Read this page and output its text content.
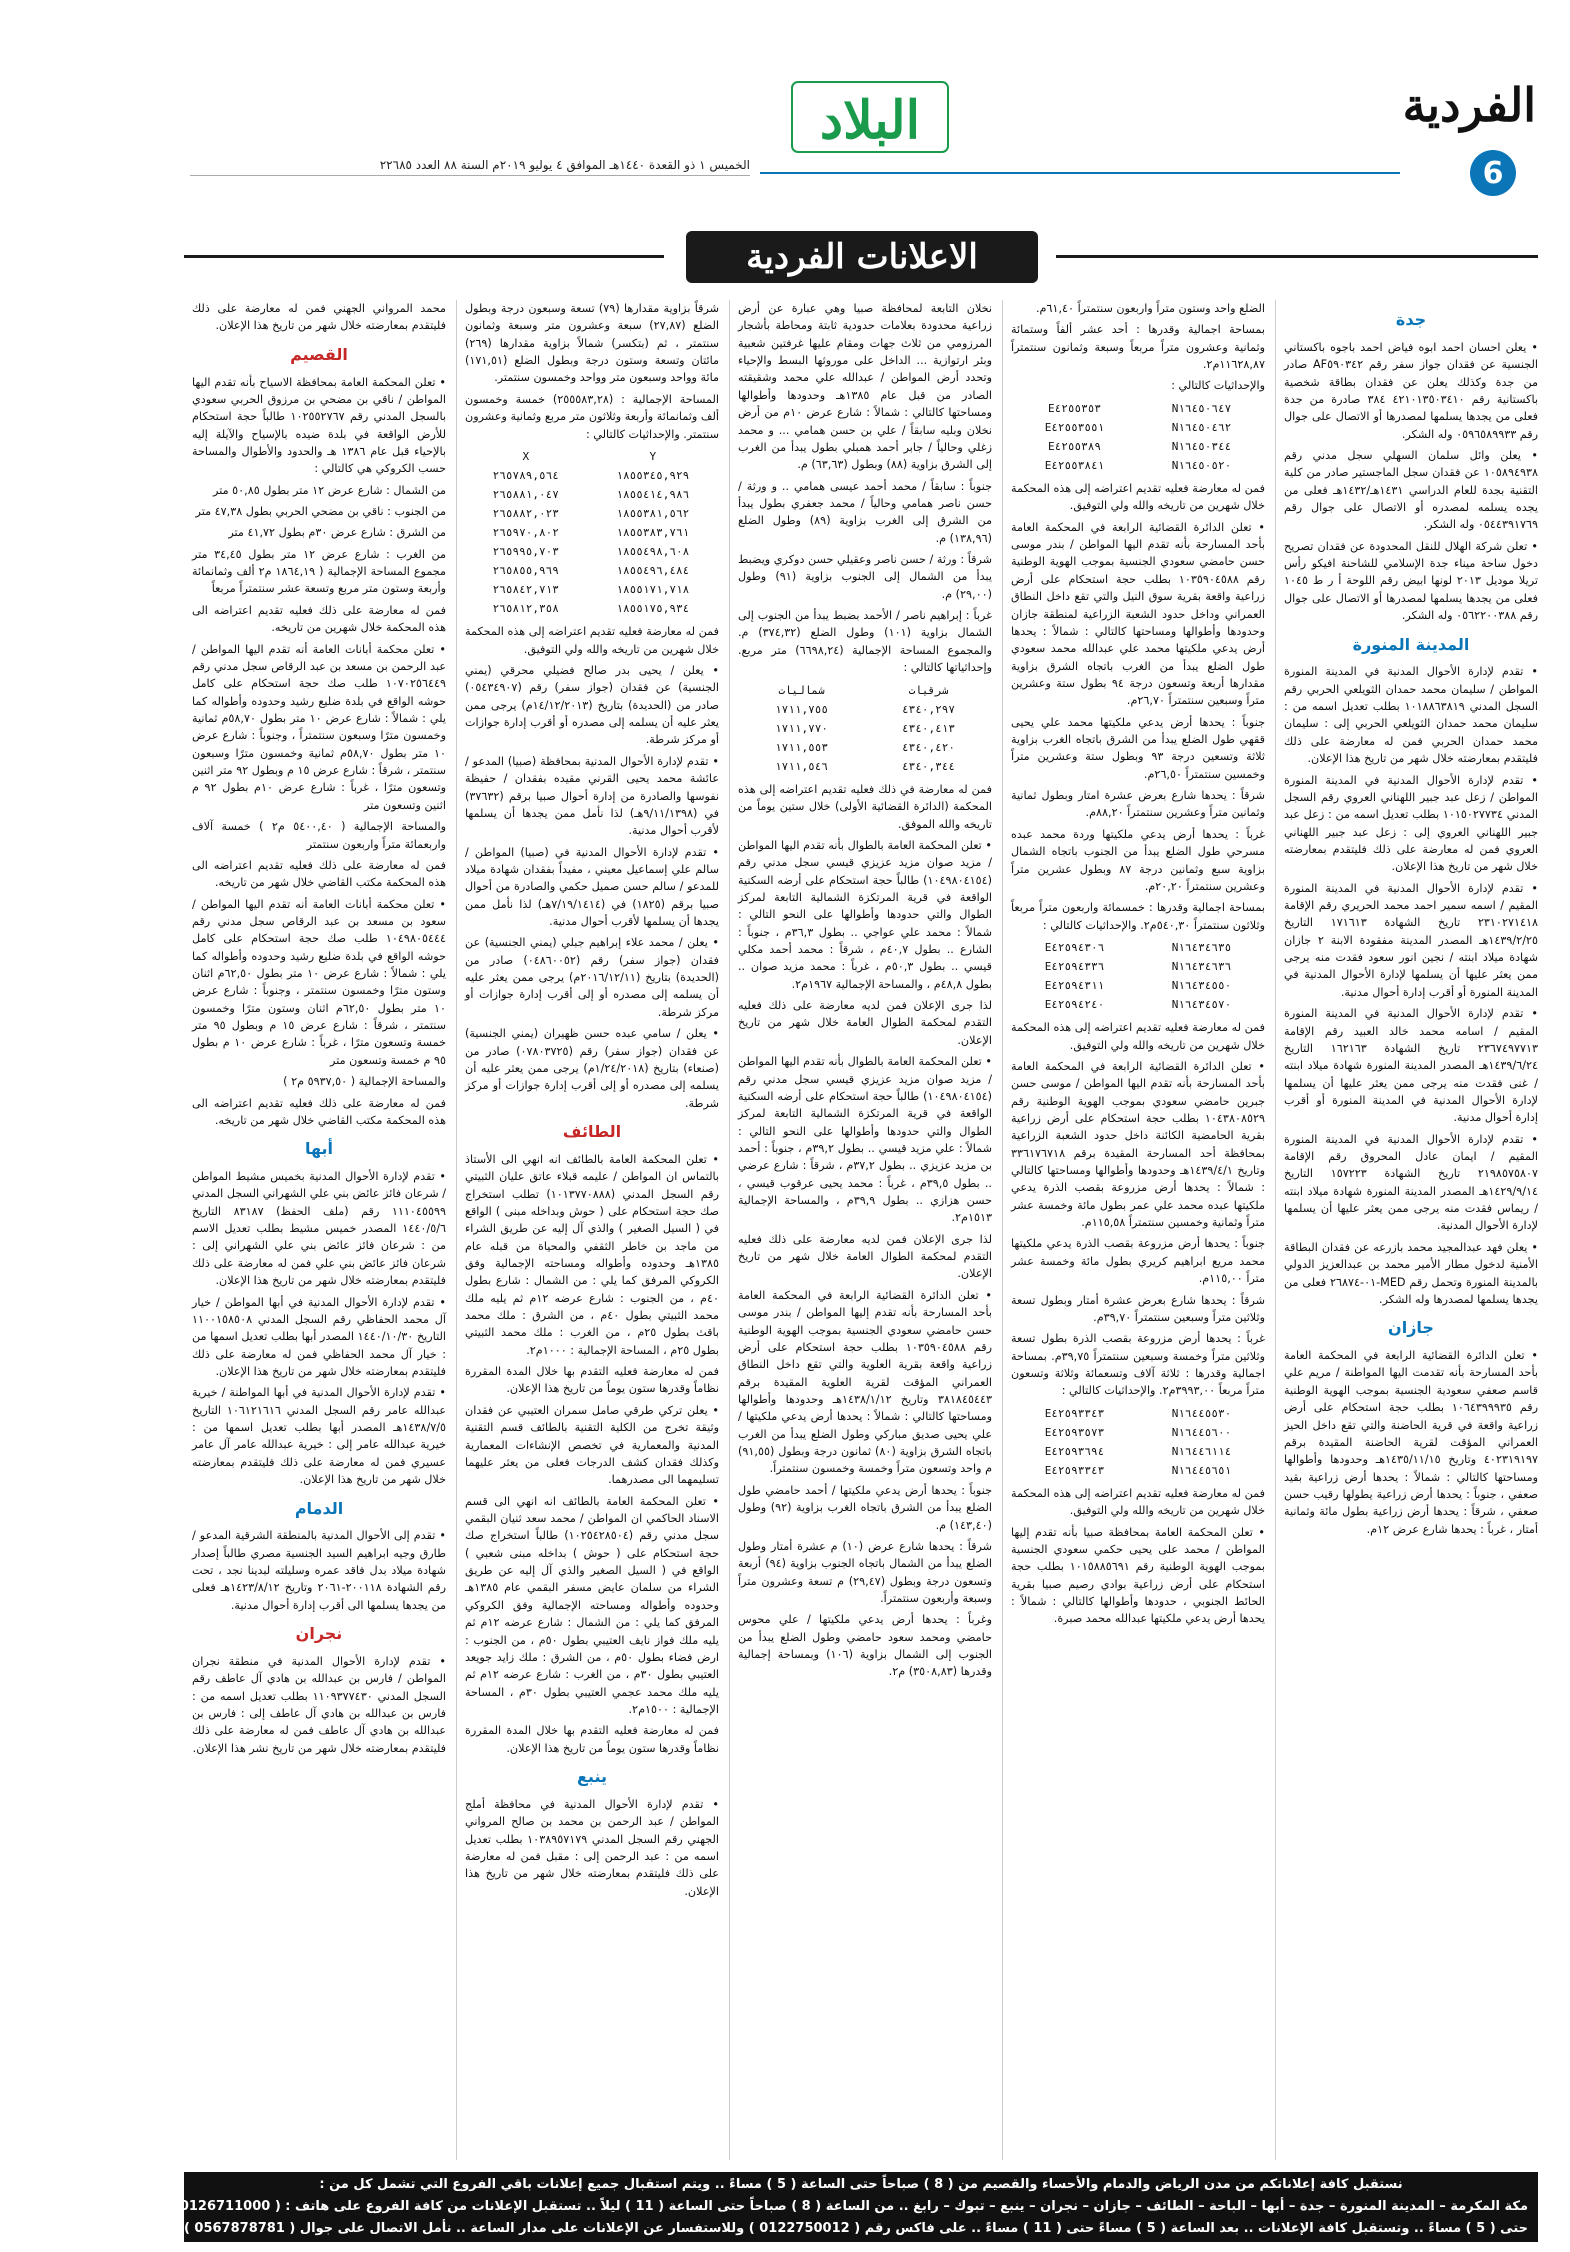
الفردية
6
البلاد
الخميس ١ ذو القعدة ١٤٤٠هـ الموافق ٤ يوليو ٢٠١٩م السنة ٨٨ العدد ٢٢٦٨٥
الاعلانات الفردية
جدة

• يعلن احسان احمد ابوه فياض احمد باجوه باكستاني الجنسية عن فقدان جواز سفر رقم AF٥٩٠٣٤٢ صادر من جدة وكذلك يعلن عن فقدان بطاقة شخصية باكستانية رقم ٤٢١٠١٣٥٠٣٤١٠ ٣٨٤ صادرة من جدة فعلى من يجدها يسلمها لمصدرها أو الاتصال على جوال رقم ٠٥٩٦٥٨٩٩٣٣ وله الشكر.

• يعلن وائل سلمان السهلي سجل مدني رقم ١٠٥٨٩٤٩٣٨ عن فقدان سجل الماجستير صادر من كلية التقنية بجدة للعام الدراسي ١٤٣١هـ/١٤٣٢هـ فعلى من يجده يسلمه لمصدره أو الاتصال على جوال رقم ٠٥٤٤٣٩١٧٦٩ وله الشكر.

• تعلن شركة الهلال للنقل المحدودة عن فقدان تصريح دخول ساحة ميناء جدة الإسلامي للشاحنة افيكو رأس تريلا موديل ٢٠١٣ لونها ابيض رقم اللوحة أ ر ط ١٠٤٥ فعلى من يجدها يسلمها لمصدرها أو الاتصال على جوال رقم ٠٥٦٢٢٠٠٣٨٨ وله الشكر.

المدينة المنورة

• تقدم لإدارة الأحوال المدنية في المدينة المنورة المواطن / سليمان محمد حمدان الثويلعي الحربي رقم السجل المدني ١٠١٨٨٦٣٨١٩ بطلب تعديل اسمه من : سليمان محمد حمدان الثويلعي الحربي إلى : سليمان محمد حمدان الحربي فمن له معارضة على ذلك فليتقدم بمعارضته خلال شهر من تاريخ هذا الإعلان.

• تقدم لإدارة الأحوال المدنية في المدينة المنورة المواطن / زعل عبد جبير اللهناني العروي رقم السجل المدني ١٠١٥٠٢٧٧٣٤ بطلب تعديل اسمه من : زعل عبد جبير اللهناني العروي إلى : زعل عبد جبير اللهناني العروي فمن له معارضة على ذلك فليتقدم بمعارضته خلال شهر من تاريخ هذا الإعلان.

• تقدم لإدارة الأحوال المدنية في المدينة المنورة المقيم / اسمه سمير احمد محمد الحريري رقم الإقامة ٢٣١٠٢٧١٤١٨ تاريخ الشهادة ١٧١٦١٣ التاريخ ١٤٣٩/٢/٢٥هـ المصدر المدينة مفقودة الابنة ٢ جازان شهادة ميلاد ابنته / نجين انور سعود فقدت منه يرجى ممن يعثر عليها أن يسلمها لإدارة الأحوال المدنية في المدينة المنورة أو أقرب إدارة أحوال مدنية.

• تقدم لإدارة الأحوال المدنية في المدينة المنورة المقيم / اسامه محمد خالد العبيد رقم الإقامة ٢٣٦٧٤٩٧٧١٣ تاريخ الشهادة ١٦٢١٦٣ التاريخ ١٤٣٩/٦/٢٤هـ المصدر المدينة المنورة شهادة ميلاد ابنته / غنى فقدت منه يرجى ممن يعثر عليها أن يسلمها لإدارة الأحوال المدنية في المدينة المنورة أو أقرب إدارة أحوال مدنية.

• تقدم لإدارة الأحوال المدنية في المدينة المنورة المقيم / ايمان عادل المحروق رقم الإقامة ٢١٩٨٥٧٥٨٠٧ تاريخ الشهادة ١٥٧٢٢٣ التاريخ ١٤٢٩/٩/١٤هـ المصدر المدينة المنورة شهادة ميلاد ابنته / ريماس فقدت منه يرجى ممن يعثر عليها أن يسلمها لإدارة الأحوال المدنية.

• يعلن فهد عبدالمجيد محمد بازرعه عن فقدان البطاقة الأمنية لدخول مطار الأمير محمد بن عبدالعزيز الدولي بالمدينة المنورة وتحمل رقم MED-٠١-٢٦٨٧٤ فعلى من يجدها يسلمها لمصدرها وله الشكر.

جازان

• تعلن الدائرة القضائية الرابعة في المحكمة العامة بأحد المسارحة بأنه تقدمت اليها المواطنة / مريم علي قاسم صعفي سعودية الجنسية بموجب الهوية الوطنية رقم ١٠٦٤٣٩٩٩٣٥ بطلب حجة استحكام على أرض زراعية واقعة في قرية الحاضنة والتي تقع داخل الحيز العمراني المؤقت لقرية الحاضنة المقيدة برقم ٤٠٢٣١٩١٩٧ وتاريخ ١٤٣٥/١١/١٥هـ وحدودها وأطوالها ومساحتها كالتالي : شمالاً : يحدها أرض زراعية بقيد صعفي ، جنوباً : يحدها أرض زراعية يطولها رقيب حسن صعفي ، شرقاً : يحدها أرض زراعية بطول مائة وثمانية أمتار ، غرباً : يحدها شارع عرض ١٢م.

الضلع واحد وستون متراً واربعون سنتمتراً ٦١,٤٠م.

بمساحة اجمالية وقدرها : أحد عشر ألفاً وستمائة وثمانية وعشرون متراً مربعاً وسبعة وثمانون سنتمتراً ١١٦٢٨,٨٧م٢.

والإحداثيات كالتالي :

E٤٢٥٥٣٥٣	N١٦٤٥٠٦٤٧
E٤٢٥٥٣٥٥١	N١٦٤٥٠٤٦٢
E٤٢٥٥٣٨٩	N١٦٤٥٠٣٤٤
E٤٢٥٥٣٨٤١	N١٦٤٥٠٥٢٠

فمن له معارضة فعليه تقديم اعتراضه إلى هذه المحكمة خلال شهرين من تاريخه والله ولي التوفيق.

• تعلن الدائرة القضائية الرابعة في المحكمة العامة بأحد المسارحة بأنه تقدم اليها المواطن / بندر موسى حسن حامضي سعودي الجنسية بموجب الهوية الوطنية رقم ١٠٣٥٩٠٤٥٨٨ بطلب حجة استحكام على أرض زراعية واقعة بقرية سوق النيل والتي تقع داخل النطاق العمراني وداخل حدود الشعبة الزراعية لمنطقة جازان وحدودها وأطوالها ومساحتها كالتالي : شمالاً : يحدها أرض يدعي ملكيتها محمد علي عبدالله محمد سعودي طول الضلع يبدأ من الغرب باتجاه الشرق بزاوية مقدارها أربعة وتسعون درجة ٩٤ بطول ستة وعشرين متراً وسبعين سنتمتراً ٢٦,٧٠م.

جنوباً : يحدها أرض يدعي ملكيتها محمد علي يحيى ققهي طول الضلع يبدأ من الشرق باتجاه الغرب بزاوية ثلاثة وتسعين درجة ٩٣ وبطول ستة وعشرين متراً وخمسين سنتمتراً ٢٦,٥٠م.

شرقاً : يحدها شارع بعرض عشرة امتار وبطول ثمانية وثمانين متراً وعشرين سنتمتراً ٨٨,٢٠م.

غرباً : يحدها أرض يدعي ملكيتها وردة محمد عبده مسرحي طول الضلع يبدأ من الجنوب باتجاه الشمال بزاوية سبع وثمانين درجة ٨٧ وبطول عشرين متراً وعشرين سنتمتراً ٢٠,٢٠م.

بمساحة اجمالية وقدرها : خمسمائة واربعون متراً مربعاً وثلاثون سنتمتراً ٥٤٠,٣٠م٢. والإحداثيات كالتالي :

E٤٢٥٩٤٣٠٦	N١٦٤٣٤٦٣٥
E٤٢٥٩٤٣٣٦	N١٦٤٣٤٦٣٦
E٤٢٥٩٤٣١١	N١٦٤٣٤٥٥٠
E٤٢٥٩٤٢٤٠	N١٦٤٣٤٥٧٠

فمن له معارضة فعليه تقديم اعتراضه إلى هذه المحكمة خلال شهرين من تاريخه والله ولي التوفيق.

• تعلن الدائرة القضائية الرابعة في المحكمة العامة بأحد المسارحة بأنه تقدم اليها المواطن / موسى حسن جبرين حامضي سعودي بموجب الهوية الوطنية رقم ١٠٤٣٨٠٨٥٢٩ بطلب حجة استحكام على أرض زراعية بقرية الحامضية الكائنة داخل حدود الشعبة الزراعية بمحافظة أحد المسارحة المقيدة برقم ٣٣٦١٧٦٧١٨ وتاريخ ١٤٣٩/٤/١هـ وحدودها وأطوالها ومساحتها كالتالي : شمالاً : يحدها أرض مزروعة بقصب الذرة يدعي ملكيتها عبده محمد علي عمر بطول مائة وخمسة عشر متراً وثمانية وخمسين سنتمتراً ١١٥,٥٨م.

جنوباً : يحدها أرض مزروعة بقصب الذرة يدعي ملكيتها محمد مريع ابراهيم كريري بطول مائة وخمسة عشر متراً ١١٥,٠٠م.

شرقاً : يحدها شارع بعرض عشرة أمتار وبطول تسعة وثلاثين متراً وسبعين سنتمتراً ٣٩,٧٠م.

غرباً : يحدها أرض مزروعة بقصب الذرة بطول تسعة وثلاثين متراً وخمسة وسبعين سنتمتراً ٣٩,٧٥م. بمساحة اجمالية وقدرها : ثلاثة آلاف وتسعمائة وثلاثة وتسعون متراً مربعاً ٣٩٩٣,٠٠م٢. والإحداثيات كالتالي :

E٤٢٥٩٣٣٤٣	N١٦٤٤٥٥٣٠
E٤٢٥٩٣٥٧٣	N١٦٤٤٥٦٠٠
E٤٢٥٩٣٦٩٤	N١٦٤٤٦١١٤
E٤٢٥٩٣٣٤٣	N١٦٤٤٥٦٥١

فمن له معارضة فعليه تقديم اعتراضه إلى هذه المحكمة خلال شهرين من تاريخه والله ولي التوفيق.

• تعلن المحكمة العامة بمحافظة صبيا بأنه تقدم إليها المواطن / محمد على يحيى حكمي سعودي الجنسية بموجب الهوية الوطنية رقم ١٠١٥٨٨٥٦٩١ بطلب حجة استحكام على أرض زراعية بوادي رصيم صبيا بقرية الحائط الجنوبي ، حدودها وأطوالها كالتالي : شمالاً : يحدها أرض يدعي ملكيتها عبدالله محمد صبرة.

نخلان التابعة لمحافظة صبيا وهي عبارة عن أرض زراعية محدودة بعلامات حدودية ثابتة ومحاطة بأشجار المرزومي من ثلاث جهات ومقام عليها غرفتين شعبية وبئر ارتوازية ... الداخل على موروثها البسط والإحياء وتحدد أرض المواطن / عبدالله علي محمد وشقيقته الصادر من قبل عام ١٣٨٥هـ وحدودها وأطوالها ومساحتها كالتالي : شمالاً : شارع عرض ١٠م من أرض نخلان وبليه سابقاً / علي بن حسن همامي ... و محمد زغلي وحالياً / جابر أحمد همبلي بطول يبدأ من الغرب إلى الشرق بزاوية (٨٨) وبطول (٦٣,٦٣) م.

جنوباً : سابقاً / محمد أحمد عيسى همامي .. و ورثة / حسن ناصر همامي وحالياً / محمد جعفري بطول يبدأ من الشرق إلى الغرب بزاوية (٨٩) وطول الضلع (١٣٨,٩٦) م.

شرقاً : ورثة / حسن ناصر وعقيلي حسن دوكري ويضبط يبدأ من الشمال إلى الجنوب بزاوية (٩١) وطول (٢٩,٠٠) م.

غرباً : إبراهيم ناصر / الأحمد بضبط يبدأ من الجنوب إلى الشمال بزاوية (١٠١) وطول الضلع (٣٧٤,٣٢) م. والمجموع المساحة الإجمالية (٦٦٩٨,٢٤) متر مربع. وإحداثياتها كالتالي :

شماليات	شرقيات
١٧١١,٧٥٥	٤٣٤٠,٢٩٧
١٧١١,٧٧٠	٤٣٤٠,٤١٣
١٧١١,٥٥٣	٤٣٤٠,٤٢٠
١٧١١,٥٤٦	٤٣٤٠,٣٤٤

فمن له معارضة في ذلك فعليه تقديم اعتراضه إلى هذه المحكمة (الدائرة القضائية الأولى) خلال ستين يوماً من تاريخه والله الموفق.

• تعلن المحكمة العامة بالطوال بأنه تقدم اليها المواطن / مزيد صوان مزيد عزيزي قيسي سجل مدني رقم (١٠٤٩٨٠٤١٥٤) طالباً حجة استحكام على أرضه السكنية الواقعة في قرية المرتكزة الشمالية التابعة لمركز الطوال والتي حدودها وأطوالها على النحو التالي : شمالاً : محمد علي عواجي .. بطول ٣٦,٣م ، جنوباً : الشارع .. بطول ٤٠,٧م ، شرقاً : محمد أحمد مكلي قيسي .. بطول ٥٠,٣م ، غرباً : محمد مزيد صوان .. بطول ٤٨,٨م ، والمساحة الإجمالية ١٩٦٧م٢.

لذا جرى الإعلان فمن لديه معارضة على ذلك فعليه التقدم لمحكمة الطوال العامة خلال شهر من تاريخ الإعلان.

• تعلن المحكمة العامة بالطوال بأنه تقدم اليها المواطن / مزيد صوان مزيد عزيزي قيسي سجل مدني رقم (١٠٤٩٨٠٤١٥٤) طالباً حجة استحكام على أرضه السكنية الواقعة في قرية المرتكزة الشمالية التابعة لمركز الطوال والتي حدودها وأطوالها على النحو التالي : شمالاً : علي مزيد قيسي .. بطول ٣٩,٢م ، جنوباً : أحمد بن مزيد عزيزي .. بطول ٣٧,٢م ، شرقاً : شارع عرضي .. بطول ٣٩,٥م ، غرباً : محمد يحيى عرقوب قيسي ، حسن هزازي .. بطول ٣٩,٩م ، والمساحة الإجمالية ١٥١٣م٢.

لذا جرى الإعلان فمن لديه معارضة على ذلك فعليه التقدم لمحكمة الطوال العامة خلال شهر من تاريخ الإعلان.

• تعلن الدائرة القضائية الرابعة في المحكمة العامة بأحد المسارحة بأنه تقدم إليها المواطن / بندر موسى حسن حامضي سعودي الجنسية بموجب الهوية الوطنية رقم ١٠٣٥٩٠٤٥٨٨ بطلب حجة استحكام على أرض زراعية واقعة بقرية العلوية والتي تقع داخل النطاق العمراني المؤقت لقرية العلوية المقيدة برقم ٣٨١٨٤٥٤٤٣ وتاريخ ١٤٣٨/١/١٢هـ وحدودها وأطوالها ومساحتها كالتالي : شمالاً : يحدها أرض يدعي ملكيتها / علي يحيى صديق مباركي وطول الضلع يبدأ من الغرب باتجاه الشرق بزاوية (٨٠) ثمانون درجة وبطول (٩١,٥٥) م واحد وتسعون متراً وخمسة وخمسون سنتمتراً.

جنوباً : يحدها أرض يدعي ملكيتها / أحمد حامضي طول الضلع يبدأ من الشرق باتجاه الغرب بزاوية (٩٢) وطول (١٤٣,٤٠) م.

شرقاً : يحدها شارع عرض (١٠) م عشرة أمتار وطول الضلع يبدأ من الشمال باتجاه الجنوب بزاوية (٩٤) أربعة وتسعون درجة وبطول (٢٩,٤٧) م تسعة وعشرون متراً وسبعة وأربعون سنتمتراً.

وغرباً : يحدها أرض يدعي ملكيتها / علي محوس حامضي ومحمد سعود حامضي وطول الضلع يبدأ من الجنوب إلى الشمال بزاوية (١٠٦) وبمساحة إجمالية وقدرها (٣٥٠٨,٨٣) م٢.

شرقاً بزاوية مقدارها (٧٩) تسعة وسبعون درجة وبطول الضلع (٢٧,٨٧) سبعة وعشرون متر وسبعة وثمانون سنتمتر ، ثم (بتكسر) شمالاً بزاوية مقدارها (٢٦٩) مائتان وتسعة وستون درجة وبطول الضلع (١٧١,٥١) مائة وواحد وسبعون متر وواحد وخمسون سنتمتر.

المساحة الإجمالية : (٢٥٥٥٨٣,٢٨) خمسة وخمسون ألف وثمانمائة وأربعة وثلاثون متر مربع وثمانية وعشرون سنتمتر. والإحداثيات كالتالي :

X	Y
٢٦٥٧٨٩,٥٦٤	١٨٥٥٣٤٥,٩٢٩
٢٦٥٨٨١,٠٤٧	١٨٥٥٤١٤,٩٨٦
٢٦٥٨٨٢,٠٢٣	١٨٥٥٣٨١,٥٦٢
٢٦٥٩٧٠,٨٠٢	١٨٥٥٣٨٣,٧٦١
٢٦٥٩٩٥,٧٠٣	١٨٥٥٤٩٨,٦٠٨
٢٦٥٨٥٥,٩٦٩	١٨٥٥٤٩٦,٤٨٤
٢٦٥٨٤٢,٧١٣	١٨٥٥١٧١,٧١٨
٢٦٥٨١٢,٣٥٨	١٨٥٥١٧٥,٩٣٤

فمن له معارضة فعليه تقديم اعتراضه إلى هذه المحكمة خلال شهرين من تاريخه والله ولي التوفيق.

• يعلن / يحيى بدر صالح فضيلي محرقي (يمني الجنسية) عن فقدان (جواز سفر) رقم (٠٥٤٣٤٩٠٧) صادر من (الحديدة) بتاريخ (١٤/١٢/٢٠١٣م) يرجى ممن يعثر عليه أن يسلمه إلى مصدره أو أقرب إدارة جوازات أو مركز شرطة.

• تقدم لإدارة الأحوال المدنية بمحافظة (صبيا) المدعو / عائشة محمد يحيى القرني مقيده بفقدان / حفيظة نفوسها والصادرة من إدارة أحوال صبيا برقم (٣٧٦٣٢) في (٩/١١/١٣٩٨هـ) لذا نأمل ممن يجدها أن يسلمها لأقرب أحوال مدنية.

• تقدم لإدارة الأحوال المدنية في (صبيا) المواطن / سالم علي إسماعيل معيني ، مفيداً بفقدان شهادة ميلاد للمدعو / سالم حسن صميل حكمي والصادرة من أحوال صبيا برقم (١٨٢٥) في (٧/١٩/١٤١٤هـ) لذا نأمل ممن يجدها أن يسلمها لأقرب أحوال مدنية.

• يعلن / محمد علاء إبراهيم جبلي (يمني الجنسية) عن فقدان (جواز سفر) رقم (٠٤٨٦٠٠٥٢) صادر من (الحديدة) بتاريخ (٢٠١٦/١٢/١١م) يرجى ممن يعثر عليه أن يسلمه إلى مصدره أو إلى أقرب إدارة جوازات أو مركز شرطة.

• يعلن / سامي عبده حسن ظهيران (يمني الجنسية) عن فقدان (جواز سفر) رقم (٠٧٨٠٣٧٢٥) صادر من (صنعاء) بتاريخ (١/٢٤/٢٠١٨م) يرجى ممن يعثر عليه أن يسلمه إلى مصدره أو إلى أقرب إدارة جوازات أو مركز شرطة.

الطائف

• تعلن المحكمة العامة بالطائف انه انهي الى الأستاذ بالتماس ان المواطن / عليمه قبلاء عاتق عليان الثبيتي رقم السجل المدني (١٠١٣٧٧٠٨٨٨) تطلب استخراج صك حجة استحكام على ( حوش وبداخله مبنى ) الواقع في ( السيل الصغير ) والذي آل إليه عن طريق الشراء من ماجد بن خاطر الثقفي والمحياة من قبله عام ١٣٨٥هـ وحدوده وأطواله ومساحته الإجمالية وفق الكروكي المرفق كما يلي : من الشمال : شارع بطول ٤٠م ، من الجنوب : شارع عرضه ١٢م ثم يليه ملك محمد الثبيتي بطول ٤٠م ، من الشرق : ملك محمد باقث بطول ٢٥م ، من الغرب : ملك محمد الثبيتي بطول ٢٥م ، المساحة الإجمالية : ١٠٠٠م٢.

فمن له معارضة فعليه التقدم بها خلال المدة المقررة نظاماً وقدرها ستون يوماً من تاريخ هذا الإعلان.

• يعلن تركي طرقي صامل سمران العتيبي عن فقدان وثيقة تخرج من الكلية التقنية بالطائف قسم التقنية المدنية والمعمارية في تخصص الإنشاءات المعمارية وكذلك فقدان كشف الدرجات فعلى من يعثر عليهما تسليمهما الى مصدرهما.

• تعلن المحكمة العامة بالطائف انه انهي الى قسم الاسناد الحاكمي ان المواطن / محمد سعد ثنيان البقمي سجل مدني رقم (١٠٢٥٤٢٨٥٠٤) طالباً استخراج صك حجة استحكام على ( حوش ) بداخله مبنى شعبي ) الواقع في ( السيل الصغير والذي آل إليه عن طريق الشراء من سلمان عايض مسفر البقمي عام ١٣٨٥هـ وحدوده وأطواله ومساحته الإجمالية وفق الكروكي المرفق كما يلي : من الشمال : شارع عرضه ١٢م ثم يليه ملك فواز نايف العتيبي بطول ٥٠م ، من الجنوب : ارض فضاء بطول ٥٠م ، من الشرق : ملك زايد جويعد العتيبي بطول ٣٠م ، من الغرب : شارع عرضه ١٢م ثم يليه ملك محمد عجمي العتيبي بطول ٣٠م ، المساحة الإجمالية : ١٥٠٠م٢.

فمن له معارضة فعليه التقدم بها خلال المدة المقررة نظاماً وقدرها ستون يوماً من تاريخ هذا الإعلان.

ينبع

• تقدم لإدارة الأحوال المدنية في محافظة أملج المواطن / عبد الرحمن بن محمد بن صالح المرواني الجهني رقم السجل المدني ١٠٣٨٩٥٧١٧٩ بطلب تعديل اسمه من : عبد الرحمن إلى : مقبل فمن له معارضة على ذلك فليتقدم بمعارضته خلال شهر من تاريخ هذا الإعلان.

محمد المرواني الجهني فمن له معارضة على ذلك فليتقدم بمعارضته خلال شهر من تاريخ هذا الإعلان.

القصيم

• تعلن المحكمة العامة بمحافظة الاسياح بأنه تقدم اليها المواطن / ناقي بن مضحي بن مرزوق الحربي سعودي بالسجل المدني رقم ١٠٢٥٥٢٧٦٧ طالباً حجة استحكام للأرض الواقعة في بلدة ضيده بالإسياح والآيلة إليه بالإحياء قبل عام ١٣٨٦ هـ والحدود والأطوال والمساحة حسب الكروكي هي كالتالي :

من الشمال : شارع عرض ١٢ متر بطول ٥٠,٨٥ متر

من الجنوب : ناقي بن مضحي الحربي بطول ٤٧,٣٨ متر

من الشرق : شارع عرض ٣٠م بطول ٤١,٧٢ متر

من الغرب : شارع عرض ١٢ متر بطول ٣٤,٤٥ متر مجموع المساحة الإجمالية ( ١٨٦٤,١٩ م٢ ألف وثمانمائة وأربعة وستون متر مربع وتسعة عشر سنتمتراً مربعاً

فمن له معارضة على ذلك فعليه تقديم اعتراضه الى هذه المحكمة خلال شهرين من تاريخه.

• تعلن محكمة أبانات العامة أنه تقدم اليها المواطن / عبد الرحمن بن مسعد بن عبد الرقاص سجل مدني رقم ١٠٧٠٢٥٦٤٤٩ طلب صك حجة استحكام على كامل حوشه الواقع في بلدة ضليع رشيد وحدوده وأطواله كما يلي : شمالاً : شارع عرض ١٠ متر بطول ٥٨,٧٠م ثمانية وخمسون مترًا وسبعون سنتمتراً ، وجنوباً : شارع عرض ١٠ متر بطول ٥٨,٧٠م ثمانية وخمسون مترًا وسبعون سنتمتر ، شرقاً : شارع عرض ١٥ م وبطول ٩٢ متر اثنين وتسعون مترًا ، غرباً : شارع عرض ١٠م بطول ٩٢ م اثنين وتسعون متر

والمساحة الإجمالية ( ٥٤٠٠,٤٠ م٢ ) خمسة آلاف واربعمائة متراً واربعون سنتمتر

فمن له معارضة على ذلك فعليه تقديم اعتراضه الى هذه المحكمة مكتب القاضي خلال شهر من تاريخه.

• تعلن محكمة أبانات العامة أنه تقدم اليها المواطن / سعود بن مسعد بن عبد الرقاص سجل مدني رقم ١٠٤٩٨٠٥٤٤٤ طلب صك حجة استحكام على كامل حوشه الواقع في بلدة ضليع رشيد وحدوده وأطواله كما يلي : شمالاً : شارع عرض ١٠ متر بطول ٦٢,٥٠م اثنان وستون مترًا وخمسون سنتمتر ، وجنوباً : شارع عرض ١٠ متر بطول ٦٢,٥٠م اثنان وستون مترًا وخمسون سنتمتر ، شرقاً : شارع عرض ١٥ م وبطول ٩٥ متر خمسة وتسعون مترًا ، غرباً : شارع عرض ١٠ م بطول ٩٥ م خمسة وتسعون متر

والمساحة الإجمالية ( ٥٩٣٧,٥٠ م٢ )

فمن له معارضة على ذلك فعليه تقديم اعتراضه الى هذه المحكمة مكتب القاضي خلال شهر من تاريخه.

أبها

• تقدم لإدارة الأحوال المدنية بخميس مشيط المواطن / شرعان فائز عائض بني علي الشهراني السجل المدني ١١١٠٤٥٥٩٩ رقم (ملف الحفظ) ٨٣١٨٧ التاريخ ١٤٤٠/٥/٦ المصدر خميس مشيط بطلب تعديل الاسم من : شرعان فائز عائض بني علي الشهراني إلى : شرعان فائز عائض بني علي فمن له معارضة على ذلك فليتقدم بمعارضته خلال شهر من تاريخ هذا الإعلان.

• تقدم لإدارة الأحوال المدنية في أبها المواطن / خيار آل محمد الحفاظي رقم السجل المدني ١١٠٠١٥٨٥٠٨ التاريخ ١٤٤٠/١٠/٣٠ المصدر أبها بطلب تعديل اسمها من : خيار آل محمد الحفاظي فمن له معارضة على ذلك فليتقدم بمعارضته خلال شهر من تاريخ هذا الإعلان.

• تقدم لإدارة الأحوال المدنية في أبها المواطنة / خيرية عبدالله عامر رقم السجل المدني ١٠٦١٢١٦١٦ التاريخ ١٤٣٨/٧/٥هـ المصدر أبها بطلب تعديل اسمها من : خيرية عبدالله عامر إلى : خيرية عبدالله عامر آل عامر عسيري فمن له معارضة على ذلك فليتقدم بمعارضته خلال شهر من تاريخ هذا الإعلان.

الدمام

• تقدم إلى الأحوال المدنية بالمنطقة الشرقية المدعو / طارق وجيه ابراهيم السيد الجنسية مصري طالباً إصدار شهادة ميلاد بدل فاقد عمره وسليلته لبدينا نجد ، تحت رقم الشهادة ٢٠٠١١٨-٢٠٦١ وتاريخ ١٤٢٣/٨/١٢هـ فعلى من يجدها يسلمها الى أقرب إدارة أحوال مدنية.

نجران

• تقدم لإدارة الأحوال المدنية في منطقة نجران المواطن / فارس بن عبدالله بن هادي آل عاطف رقم السجل المدني ١١٠٩٣٧٧٤٣٠ بطلب تعديل اسمه من : فارس بن عبدالله بن هادي آل عاطف إلى : فارس بن عبدالله بن هادي آل عاطف فمن له معارضة على ذلك فليتقدم بمعارضته خلال شهر من تاريخ نشر هذا الإعلان.

نستقبل كافة إعلاناتكم من مدن الرياض والدمام والأحساء والقصيم من ( 8 ) صباحاً حتى الساعة ( 5 ) مساءً .. ويتم استقبال جميع إعلانات باقي الفروع التي تشمل كل من :
مكة المكرمة – المدينة المنورة – جدة – أبها – الباحة – الطائف – جازان – نجران – ينبع – تبوك – رابغ .. من الساعة ( 8 ) صباحاً حتى الساعة ( 11 ) ليلاً .. تستقبل الإعلانات من كافة الفروع على هاتف : ( 0126711000 ) فاكس : ( 0126716241 )
حتى ( 5 ) مساءً .. وتستقبل كافة الإعلانات .. بعد الساعة ( 5 ) مساءً حتى ( 11 ) مساءً .. على فاكس رقم ( 0122750012 ) وللاستفسار عن الإعلانات على مدار الساعة .. نأمل الاتصال على جوال ( 0567878781 )
